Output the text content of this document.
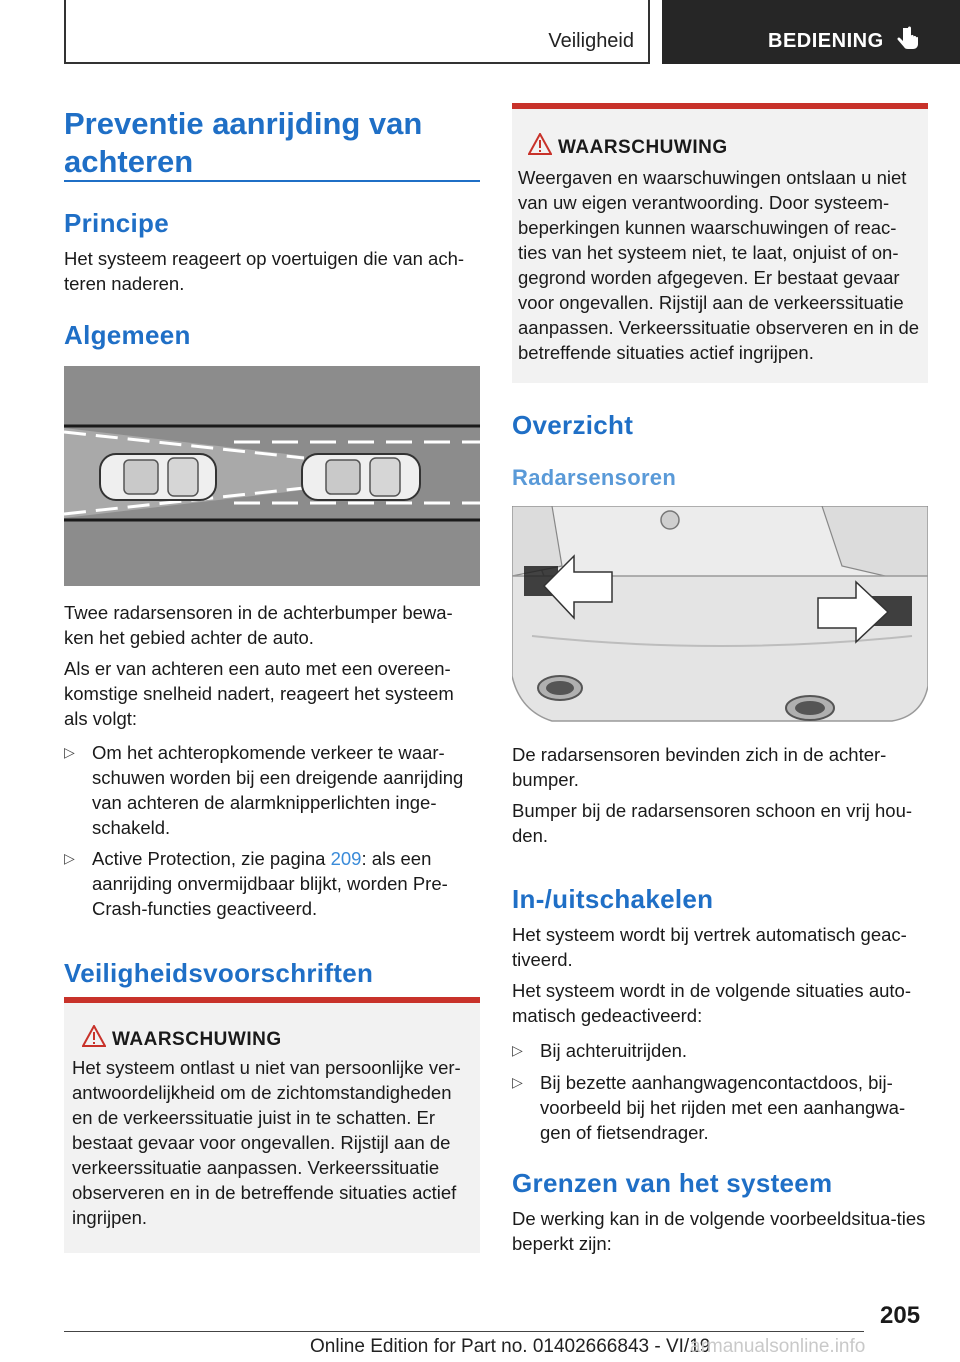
Veiligheid	BEDIENING
Preventie aanrijding van achteren
Principe

Het systeem reageert op voertuigen die van ach-teren naderen.

Algemeen

Twee radarsensoren in de achterbumper bewa-ken het gebied achter de auto.

Als er van achteren een auto met een overeen-komstige snelheid nadert, reageert het systeem als volgt:

▷ Om het achteropkomende verkeer te waar-schuwen worden bij een dreigende aanrijding van achteren de alarmknipperlichten inge-schakeld.
▷ Active Protection, zie pagina 209: als een aanrijding onvermijdbaar blijkt, worden Pre-Crash-functies geactiveerd.
Veiligheidsvoorschriften
WAARSCHUWING

Het systeem ontlast u niet van persoonlijke ver-antwoordelijkheid om de zichtomstandigheden en de verkeerssituatie juist in te schatten. Er bestaat gevaar voor ongevallen. Rijstijl aan de verkeerssituatie aanpassen. Verkeerssituatie observeren en in de betreffende situaties actief ingrijpen.

WAARSCHUWING

Weergaven en waarschuwingen ontslaan u niet van uw eigen verantwoording. Door systeem-beperkingen kunnen waarschuwingen of reac-ties van het systeem niet, te laat, onjuist of on-gegrond worden afgegeven. Er bestaat gevaar voor ongevallen. Rijstijl aan de verkeerssituatie aanpassen. Verkeerssituatie observeren en in de betreffende situaties actief ingrijpen.

Overzicht
Radarsensoren

De radarsensoren bevinden zich in de achter-bumper.

Bumper bij de radarsensoren schoon en vrij hou-den.

In-/uitschakelen

Het systeem wordt bij vertrek automatisch geac-tiveerd.

Het systeem wordt in de volgende situaties auto-matisch gedeactiveerd:

▷ Bij achteruitrijden.
▷ Bij bezette aanhangwagencontactdoos, bij-voorbeeld bij het rijden met een aanhangwa-gen of fietsendrager.
Grenzen van het systeem

De werking kan in de volgende voorbeeldsitua-ties beperkt zijn:

205
Online Edition for Part no. 01402666843 - VI/19
armanualsonline.info
